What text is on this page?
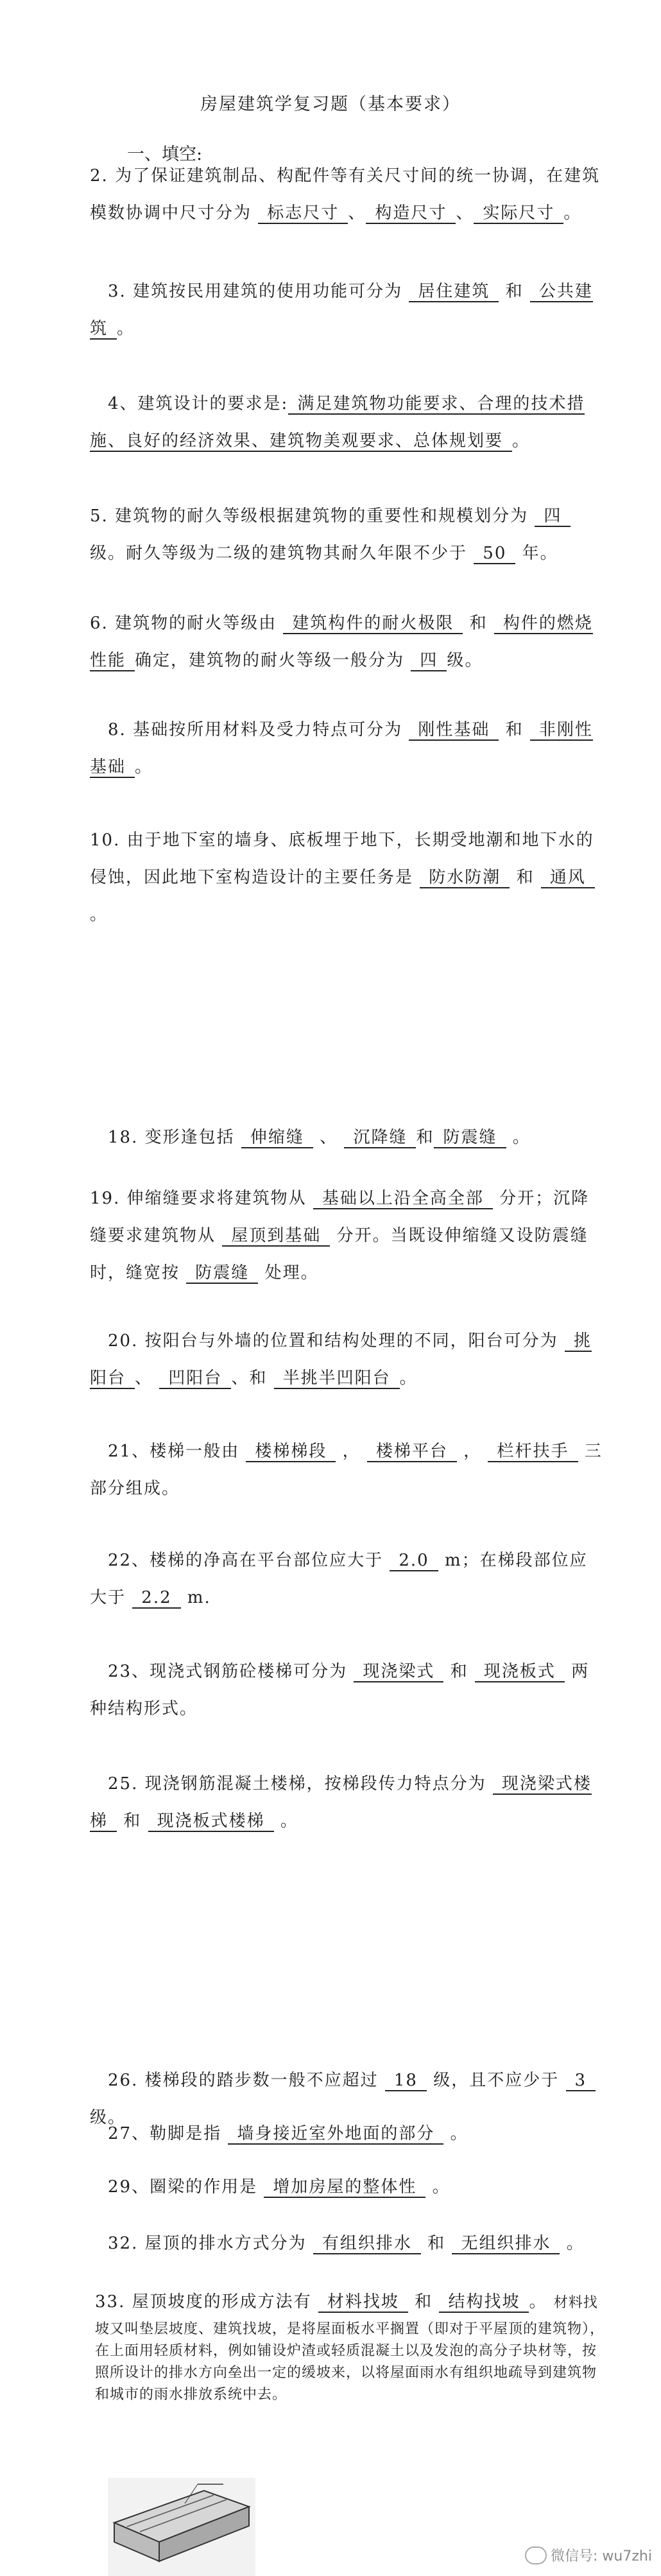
房屋建筑学复习题（基本要求）
一、填空:
2. 为了保证建筑制品、构配件等有关尺寸间的统一协调，在建筑模数协调中尺寸分为 标志尺寸 、 构造尺寸 、 实际尺寸 。
3. 建筑按民用建筑的使用功能可分为 居住建筑 和 公共建筑 。
4、建筑设计的要求是: 满足建筑物功能要求、合理的技术措施、良好的经济效果、建筑物美观要求、总体规划要 。
5. 建筑物的耐久等级根据建筑物的重要性和规模划分为 四 级。耐久等级为二级的建筑物其耐久年限不少于 50 年。
6. 建筑物的耐火等级由 建筑构件的耐火极限 和 构件的燃烧性能 确定，建筑物的耐火等级一般分为 四 级。
8. 基础按所用材料及受力特点可分为 刚性基础 和 非刚性基础 。
10. 由于地下室的墙身、底板埋于地下，长期受地潮和地下水的侵蚀，因此地下室构造设计的主要任务是 防水防潮 和 通风 。
18. 变形逢包括 伸缩缝 、 沉降缝 和 防震缝 。
19. 伸缩缝要求将建筑物从 基础以上沿全高全部 分开；沉降缝要求建筑物从 屋顶到基础 分开。当既设伸缩缝又设防震缝时，缝宽按 防震缝 处理。
20. 按阳台与外墙的位置和结构处理的不同，阳台可分为 挑阳台 、 凹阳台 、和 半挑半凹阳台 。
21、楼梯一般由 楼梯梯段 ， 楼梯平台 ， 栏杆扶手 三部分组成。
22、楼梯的净高在平台部位应大于 2.0 m；在梯段部位应大于 2.2 m.
23、现浇式钢筋砼楼梯可分为 现浇梁式 和 现浇板式 两种结构形式。
25. 现浇钢筋混凝土楼梯，按梯段传力特点分为 现浇梁式楼梯 和 现浇板式楼梯 。
26. 楼梯段的踏步数一般不应超过 18 级，且不应少于 3 级。
27、勒脚是指 墙身接近室外地面的部分 。
29、圈梁的作用是 增加房屋的整体性 。
32. 屋顶的排水方式分为 有组织排水 和 无组织排水 。
33. 屋顶坡度的形成方法有 材料找坡 和 结构找坡 。 材料找坡又叫垫层坡度、建筑找坡，是将屋面板水平搁置（即对于平屋顶的建筑物），在上面用轻质材料，例如铺设炉渣或轻质混凝土以及发泡的高分子块材等，按照所设计的排水方向垒出一定的缓坡来，以将屋面雨水有组织地疏导到建筑物和城市的雨水排放系统中去。
微信号: wu7zhi
